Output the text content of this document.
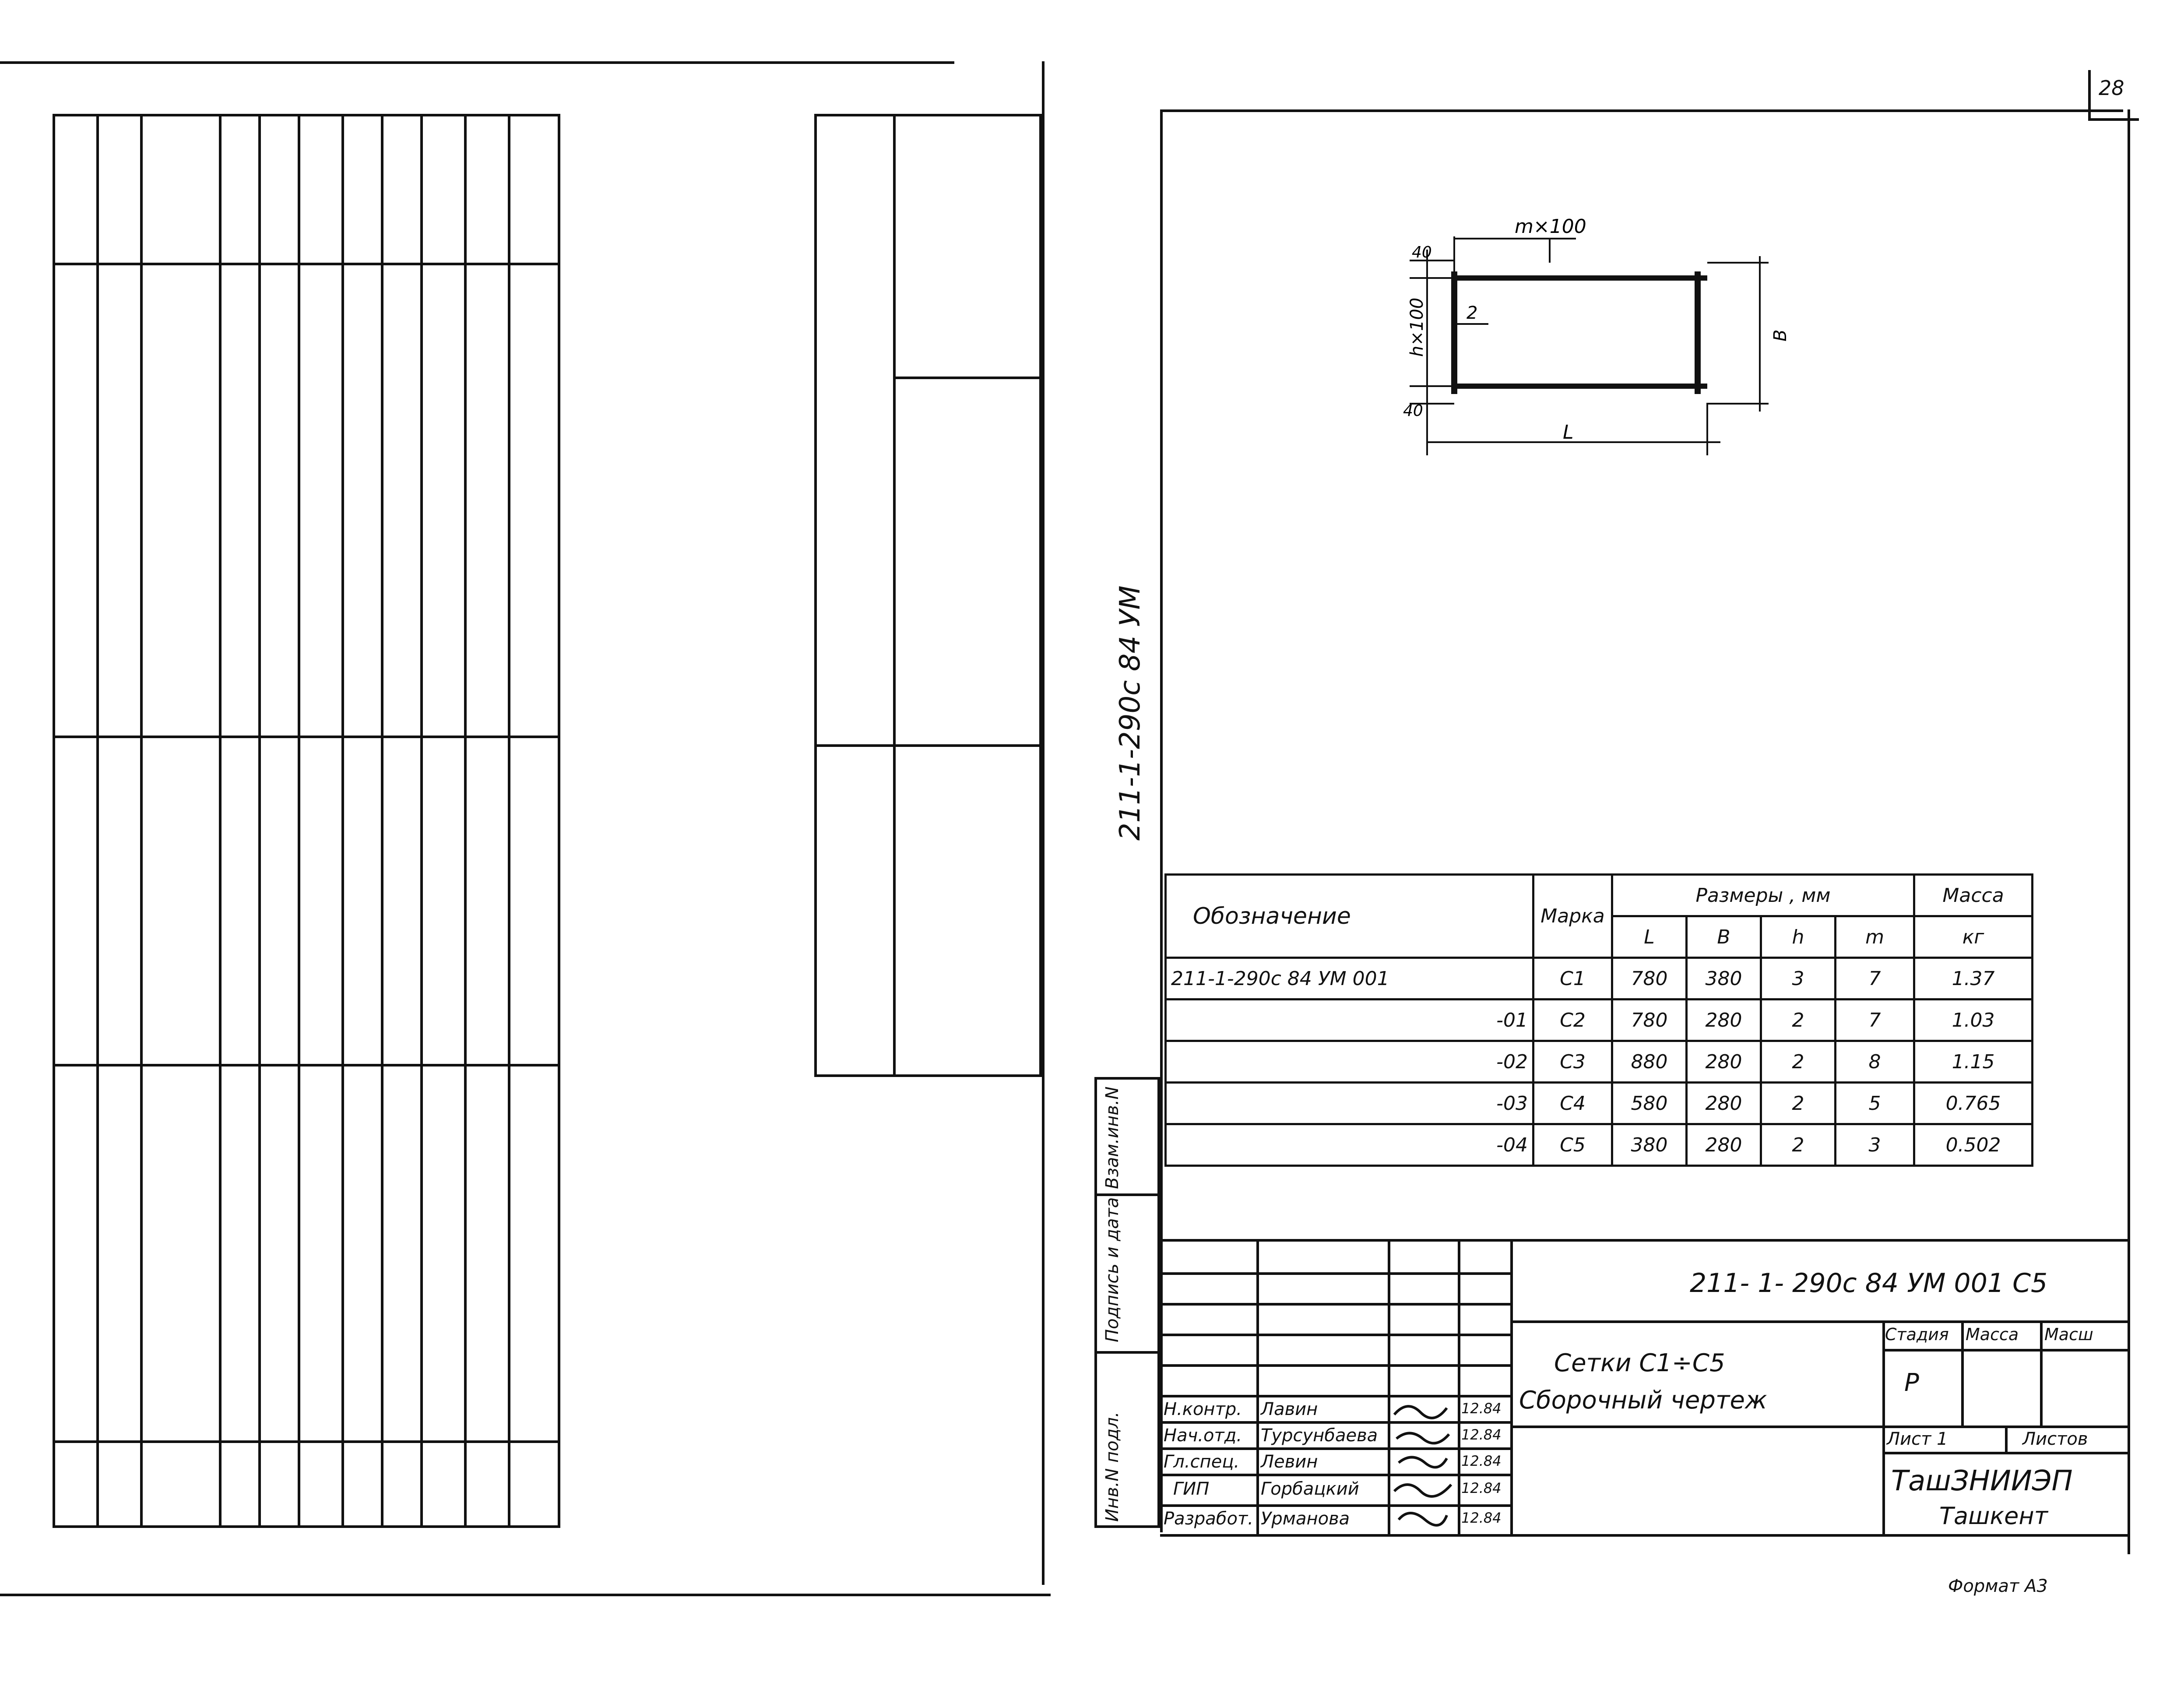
28
211-1-290с 84 УМ
m×100
40
40
h×100 2
B
L
Обозначение	Марка	Размеры , мм				Масса
		L	B	h	m	кг
211-1-290с 84 УМ 001	С1	780	380	3	7	1.37
-01	С2	780	280	2	7	1.03
-02	С3	880	280	2	8	1.15
-03	С4	580	280	2	5	0.765
-04	С5	380	280	2	3	0.502
Инв.N подл.
Подпись и дата
Взам.инв.N
Н.контр. Лавин	12.84
Нач.отд. Турсунбаева	12.84
Гл.спец. Левин	12.84
ГИП	Горбацкий	12.84
Разработ. Урманова	12.84
211- 1- 290с 84 УМ 001 С5
Сетки С1÷С5
Сборочный чертеж
Стадия Масса Масш
Р
Лист 1	Листов
ТашЗНИИЭП
Ташкент
Формат А3
